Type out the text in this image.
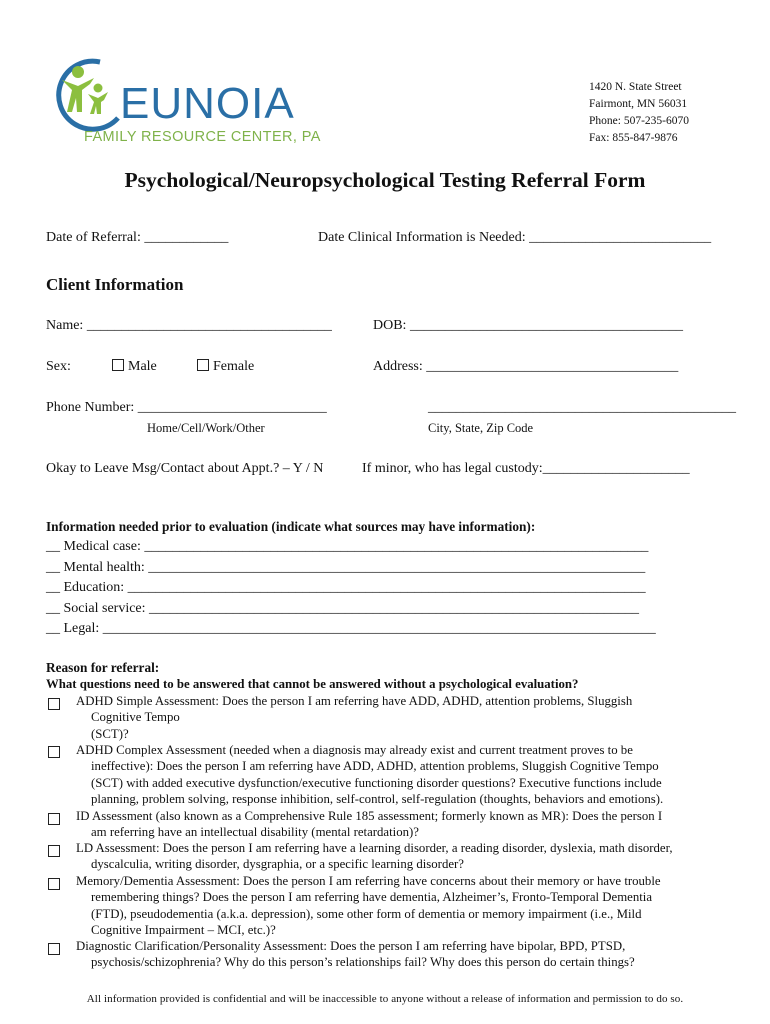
EUNOIA
FAMILY RESOURCE CENTER, PA
1420 N. State Street
Fairmont, MN 56031
Phone: 507-235-6070
Fax: 855-847-9876
Psychological/Neuropsychological Testing Referral Form
Date of Referral: ____________	Date Clinical Information is Needed: __________________________
Client Information
Name: ___________________________________	DOB: _______________________________________
Sex:	Male	Female	Address: ____________________________________
Phone Number: ___________________________	____________________________________________
Home/Cell/Work/Other	City, State, Zip Code
Okay to Leave Msg/Contact about Appt.? – Y / N	If minor, who has legal custody:_____________________
Information needed prior to evaluation (indicate what sources may have information):
__ Medical case: ________________________________________________________________________
__ Mental health: _______________________________________________________________________
__ Education: __________________________________________________________________________
__ Social service: ______________________________________________________________________
__ Legal: _______________________________________________________________________________
Reason for referral:
What questions need to be answered that cannot be answered without a psychological evaluation?
ADHD Simple Assessment: Does the person I am referring have ADD, ADHD, attention problems, Sluggish
Cognitive Tempo
(SCT)?
ADHD Complex Assessment (needed when a diagnosis may already exist and current treatment proves to be
ineffective): Does the person I am referring have ADD, ADHD, attention problems, Sluggish Cognitive Tempo
(SCT) with added executive dysfunction/executive functioning disorder questions? Executive functions include
planning, problem solving, response inhibition, self-control, self-regulation (thoughts, behaviors and emotions).
ID Assessment (also known as a Comprehensive Rule 185 assessment; formerly known as MR): Does the person I
am referring have an intellectual disability (mental retardation)?
LD Assessment: Does the person I am referring have a learning disorder, a reading disorder, dyslexia, math disorder,
dyscalculia, writing disorder, dysgraphia, or a specific learning disorder?
Memory/Dementia Assessment: Does the person I am referring have concerns about their memory or have trouble
remembering things? Does the person I am referring have dementia, Alzheimer’s, Fronto-Temporal Dementia
(FTD), pseudodementia (a.k.a. depression), some other form of dementia or memory impairment (i.e., Mild
Cognitive Impairment – MCI, etc.)?
Diagnostic Clarification/Personality Assessment: Does the person I am referring have bipolar, BPD, PTSD,
psychosis/schizophrenia? Why do this person’s relationships fail? Why does this person do certain things?
All information provided is confidential and will be inaccessible to anyone without a release of information and permission to do so.
